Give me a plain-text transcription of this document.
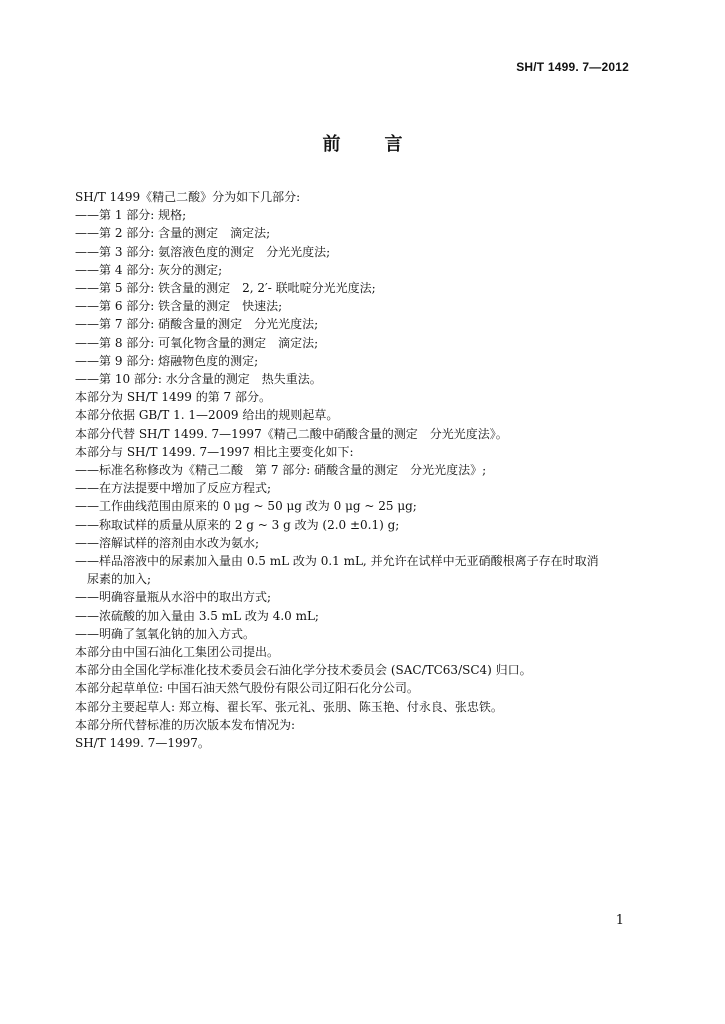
SH/T 1499. 7—2012
前言
SH/T 1499《精己二酸》分为如下几部分:
——第 1 部分: 规格;
——第 2 部分: 含量的测定　滴定法;
——第 3 部分: 氨溶液色度的测定　分光光度法;
——第 4 部分: 灰分的测定;
——第 5 部分: 铁含量的测定　2, 2′- 联吡啶分光光度法;
——第 6 部分: 铁含量的测定　快速法;
——第 7 部分: 硝酸含量的测定　分光光度法;
——第 8 部分: 可氧化物含量的测定　滴定法;
——第 9 部分: 熔融物色度的测定;
——第 10 部分: 水分含量的测定　热失重法。
本部分为 SH/T 1499 的第 7 部分。
本部分依据 GB/T 1. 1—2009 给出的规则起草。
本部分代替 SH/T 1499. 7—1997《精己二酸中硝酸含量的测定　分光光度法》。
本部分与 SH/T 1499. 7—1997 相比主要变化如下:
——标准名称修改为《精己二酸　第 7 部分: 硝酸含量的测定　分光光度法》;
——在方法提要中增加了反应方程式;
——工作曲线范围由原来的 0 μg ~ 50 μg 改为 0 μg ~ 25 μg;
——称取试样的质量从原来的 2 g ~ 3 g 改为 (2.0 ±0.1) g;
——溶解试样的溶剂由水改为氨水;
——样品溶液中的尿素加入量由 0.5 mL 改为 0.1 mL, 并允许在试样中无亚硝酸根离子存在时取消
尿素的加入;
——明确容量瓶从水浴中的取出方式;
——浓硫酸的加入量由 3.5 mL 改为 4.0 mL;
——明确了氢氧化钠的加入方式。
本部分由中国石油化工集团公司提出。
本部分由全国化学标准化技术委员会石油化学分技术委员会 (SAC/TC63/SC4) 归口。
本部分起草单位: 中国石油天然气股份有限公司辽阳石化分公司。
本部分主要起草人: 郑立梅、翟长军、张元礼、张朋、陈玉艳、付永良、张忠铁。
本部分所代替标准的历次版本发布情况为:
SH/T 1499. 7—1997。
1
